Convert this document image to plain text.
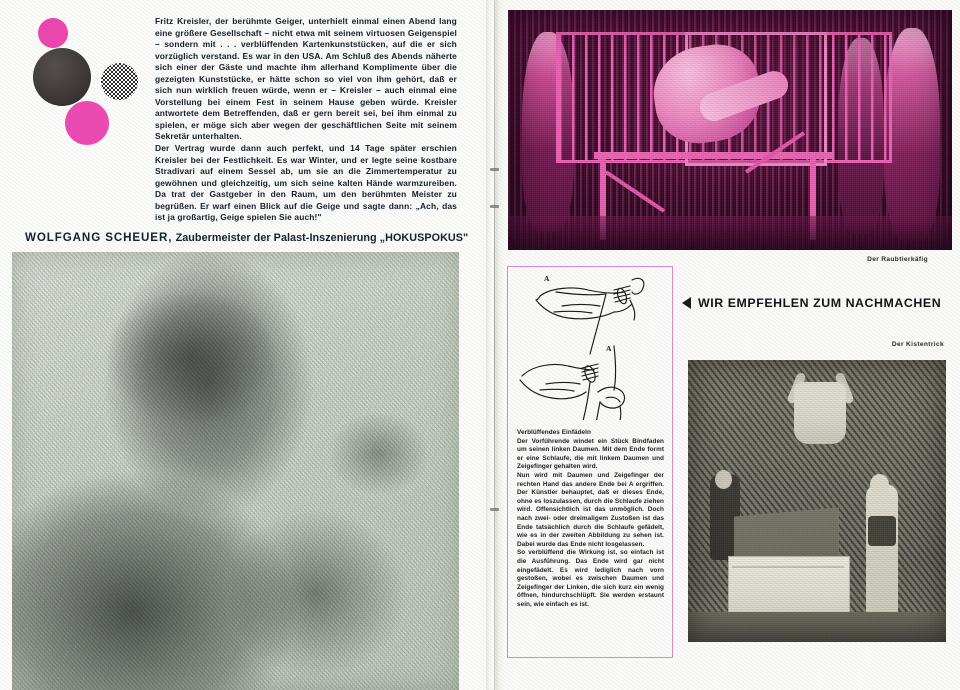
Fritz Kreisler, der berühmte Geiger, unterhielt einmal einen Abend lang eine größere Gesellschaft – nicht etwa mit seinem virtuosen Geigenspiel – sondern mit . . . verblüffenden Kartenkunststücken, auf die er sich vorzüglich verstand. Es war in den USA. Am Schluß des Abends näherte sich einer der Gäste und machte ihm allerhand Komplimente über die gezeigten Kunststücke, er hätte schon so viel von ihm gehört, daß er sich nun wirklich freuen würde, wenn er – Kreisler – auch einmal eine Vorstellung bei einem Fest in seinem Hause geben würde. Kreisler antwortete dem Betreffenden, daß er gern bereit sei, bei ihm einmal zu spielen, er möge sich aber wegen der geschäftlichen Seite mit seinem Sekretär unterhalten.

Der Vertrag wurde dann auch perfekt, und 14 Tage später erschien Kreisler bei der Festlichkeit. Es war Winter, und er legte seine kostbare Stradivari auf einem Sessel ab, um sie an die Zimmertemperatur zu gewöhnen und gleichzeitig, um sich seine kalten Hände warmzureiben. Da trat der Gastgeber in den Raum, um den berühmten Meister zu begrüßen. Er warf einen Blick auf die Geige und sagte dann: „Ach, das ist ja großartig, Geige spielen Sie auch!"

WOLFGANG SCHEUER, Zaubermeister der Palast-Inszenierung „HOKUSPOKUS"
Der Raubtierkäfig
WIR EMPFEHLEN ZUM NACHMACHEN
A
A

Verblüffendes Einfädeln

Der Vorführende windet ein Stück Bindfaden um seinen linken Daumen. Mit dem Ende formt er eine Schlaufe, die mit linkem Daumen und Zeigefinger gehalten wird.

Nun wird mit Daumen und Zeigefinger der rechten Hand das andere Ende bei A ergriffen. Der Künstler behauptet, daß er dieses Ende, ohne es loszulassen, durch die Schlaufe ziehen wird. Offensichtlich ist das unmöglich. Doch nach zwei- oder dreimaligem Zustoßen ist das Ende tatsächlich durch die Schlaufe gefädelt, wie es in der zweiten Abbildung zu sehen ist. Dabei wurde das Ende nicht losgelassen.

So verblüffend die Wirkung ist, so einfach ist die Ausführung. Das Ende wird gar nicht eingefädelt. Es wird lediglich nach vorn gestoßen, wobei es zwischen Daumen und Zeigefinger der Linken, die sich kurz ein wenig öffnen, hindurchschlüpft. Sie werden erstaunt sein, wie einfach es ist.

Der Kistentrick
